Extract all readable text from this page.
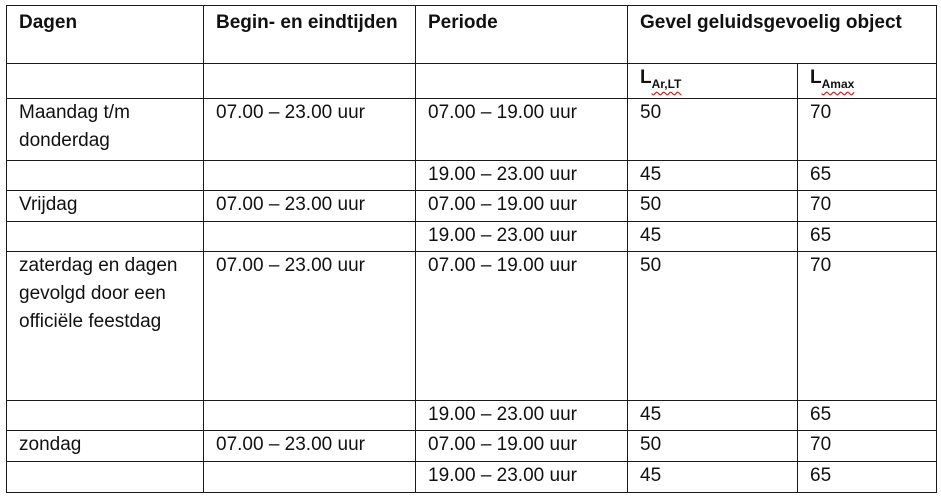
Dagen	Begin- en eindtijden	Periode	Gevel geluidsgevoelig object	
			$L_{Ar,LT}$	$L_{Amax}$
Maandag t/m donderdag	07.00 – 23.00 uur	07.00 – 19.00 uur	50	70
		19.00 – 23.00 uur	45	65
Vrijdag	07.00 – 23.00 uur	07.00 – 19.00 uur	50	70
		19.00 – 23.00 uur	45	65
zaterdag en dagen gevolgd door een officiële feestdag	07.00 – 23.00 uur	07.00 – 19.00 uur	50	70
		19.00 – 23.00 uur	45	65
zondag	07.00 – 23.00 uur	07.00 – 19.00 uur	50	70
		19.00 – 23.00 uur	45	65
